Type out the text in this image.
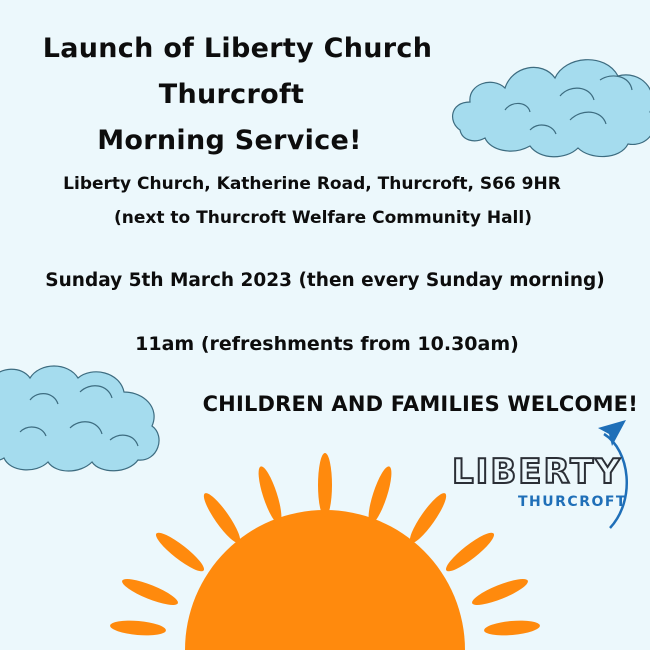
Launch of Liberty Church
Thurcroft
Morning Service!
Liberty Church, Katherine Road, Thurcroft, S66 9HR
(next to Thurcroft Welfare Community Hall)
Sunday 5th March 2023 (then every Sunday morning)
11am (refreshments from 10.30am)
CHILDREN AND FAMILIES WELCOME!
LIBERTY
THURCROFT
